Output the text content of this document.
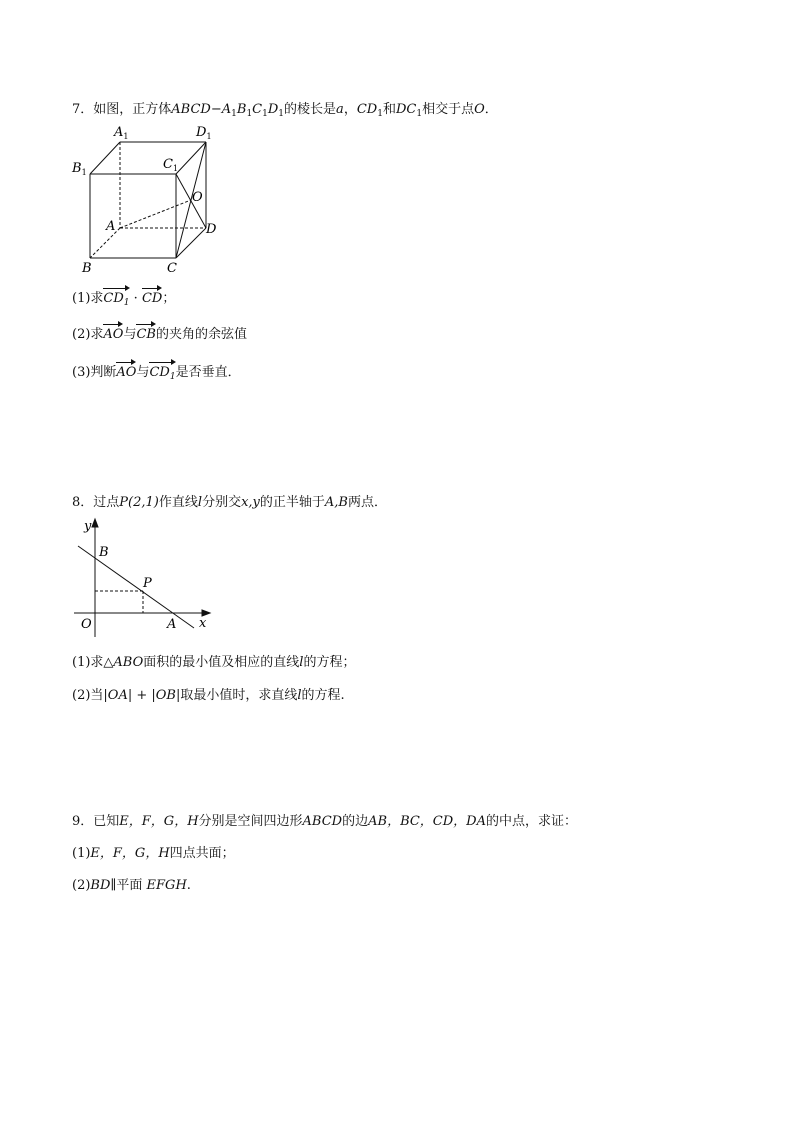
7．如图，正方体$ABCD-A_1B_1C_1D_1$的棱长是a，$CD_1$和$DC_1$相交于点O．
$A_1$	$D_1$
$B_1$
$C_1$
O
A	D
B	C
(1)求$CD_1$ · CD；
(2)求AO与CB的夹角的余弦值
(3)判断AO与$CD_1$是否垂直．
8．过点P(2,1)作直线l分别交x,y的正半轴于A,B两点．
y
B
P
O	A x
(1)求△ABO面积的最小值及相应的直线l的方程；
(2)当|OA| + |OB|取最小值时，求直线l的方程.
9．已知E，F，G，H分别是空间四边形ABCD的边AB，BC，CD，DA的中点，求证：
(1)E，F，G，H四点共面；
(2)BD∥平面 EFGH.
